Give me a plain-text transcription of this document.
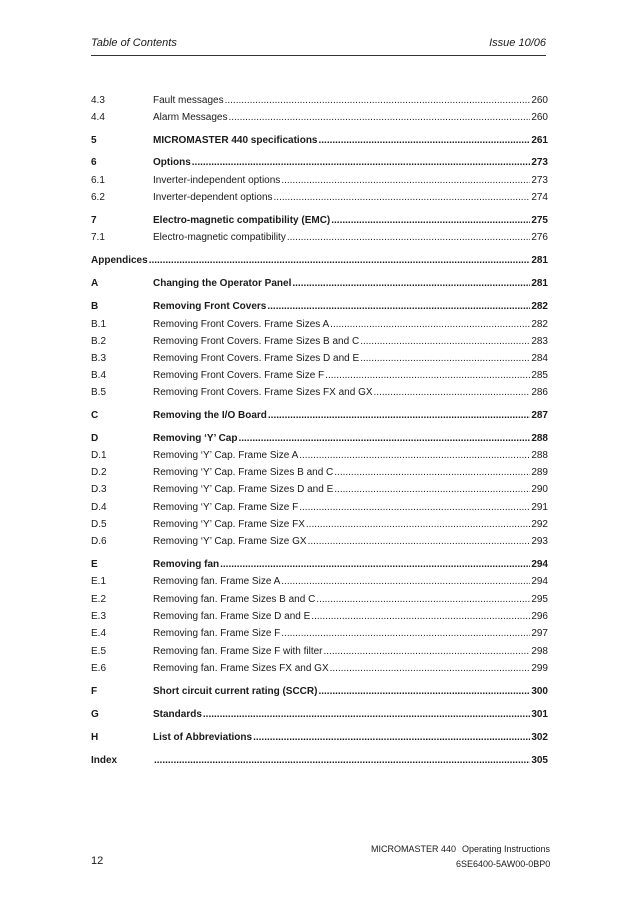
Table of Contents	Issue 10/06
4.3	Fault messages .....	260
4.4	Alarm Messages .....	260
5	MICROMASTER 440 specifications .....	261
6	Options .....	273
6.1	Inverter-independent options .....	273
6.2	Inverter-dependent options .....	274
7	Electro-magnetic compatibility (EMC) .....	275
7.1	Electro-magnetic compatibility .....	276
Appendices .....	281
A	Changing the Operator Panel .....	281
B	Removing Front Covers .....	282
B.1	Removing Front Covers. Frame Sizes A .....	282
B.2	Removing Front Covers. Frame Sizes B and C .....	283
B.3	Removing Front Covers. Frame Sizes D and E .....	284
B.4	Removing Front Covers. Frame Size F .....	285
B.5	Removing Front Covers. Frame Sizes FX and GX .....	286
C	Removing the I/O Board .....	287
D	Removing ‘Y’ Cap .....	288
D.1	Removing ‘Y’ Cap. Frame Size A .....	288
D.2	Removing ‘Y’ Cap. Frame Sizes B and C .....	289
D.3	Removing ‘Y’ Cap. Frame Sizes D and E .....	290
D.4	Removing ‘Y’ Cap. Frame Size F .....	291
D.5	Removing ‘Y’ Cap. Frame Size FX .....	292
D.6	Removing ‘Y’ Cap. Frame Size GX .....	293
E	Removing fan .....	294
E.1	Removing fan. Frame Size A .....	294
E.2	Removing fan. Frame Sizes B and C .....	295
E.3	Removing fan. Frame Size D and E .....	296
E.4	Removing fan. Frame Size F .....	297
E.5	Removing fan. Frame Size F with filter .....	298
E.6	Removing fan. Frame Sizes FX and GX .....	299
F	Short circuit current rating (SCCR) .....	300
G	Standards .....	301
H	List of Abbreviations .....	302
Index .....	305
12
MICROMASTER 440 Operating Instructions
6SE6400-5AW00-0BP0
